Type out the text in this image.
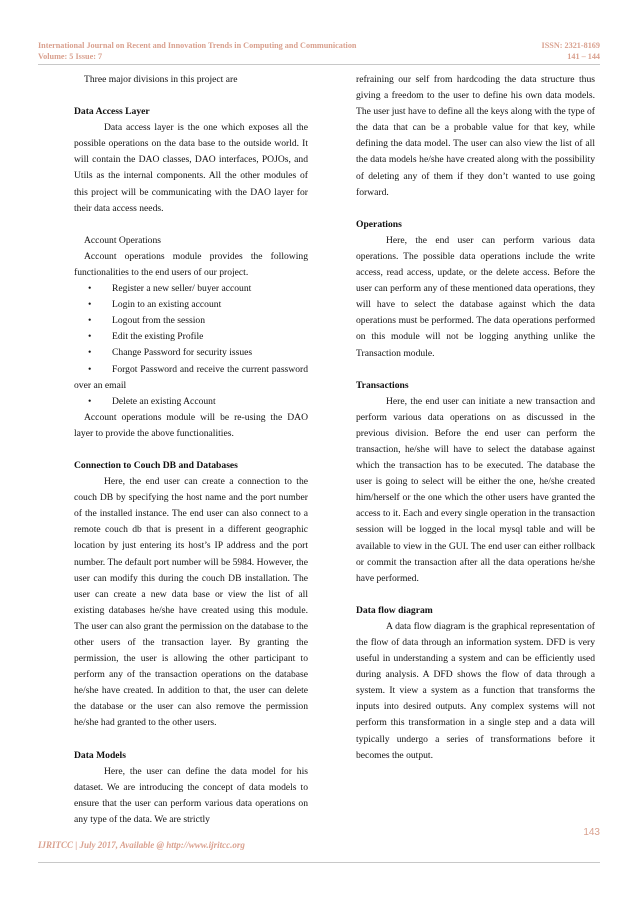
International Journal on Recent and Innovation Trends in Computing and Communication
Volume: 5 Issue: 7
ISSN: 2321-8169
141 – 144

Three major divisions in this project are

Data Access Layer

Data access layer is the one which exposes all the possible operations on the data base to the outside world. It will contain the DAO classes, DAO interfaces, POJOs, and Utils as the internal components. All the other modules of this project will be communicating with the DAO layer for their data access needs.

Account Operations

Account operations module provides the following functionalities to the end users of our project.

• Register a new seller/ buyer account
• Login to an existing account
• Logout from the session
• Edit the existing Profile
• Change Password for security issues
• Forgot Password and receive the current password over an email
• Delete an existing Account

Account operations module will be re-using the DAO layer to provide the above functionalities.

Connection to Couch DB and Databases

Here, the end user can create a connection to the couch DB by specifying the host name and the port number of the installed instance. The end user can also connect to a remote couch db that is present in a different geographic location by just entering its host’s IP address and the port number. The default port number will be 5984. However, the user can modify this during the couch DB installation. The user can create a new data base or view the list of all existing databases he/she have created using this module. The user can also grant the permission on the database to the other users of the transaction layer. By granting the permission, the user is allowing the other participant to perform any of the transaction operations on the database he/she have created. In addition to that, the user can delete the database or the user can also remove the permission he/she had granted to the other users.

Data Models

Here, the user can define the data model for his dataset. We are introducing the concept of data models to ensure that the user can perform various data operations on any type of the data. We are strictly

refraining our self from hardcoding the data structure thus giving a freedom to the user to define his own data models. The user just have to define all the keys along with the type of the data that can be a probable value for that key, while defining the data model. The user can also view the list of all the data models he/she have created along with the possibility of deleting any of them if they don’t wanted to use going forward.

Operations

Here, the end user can perform various data operations. The possible data operations include the write access, read access, update, or the delete access. Before the user can perform any of these mentioned data operations, they will have to select the database against which the data operations must be performed. The data operations performed on this module will not be logging anything unlike the Transaction module.

Transactions

Here, the end user can initiate a new transaction and perform various data operations on as discussed in the previous division. Before the end user can perform the transaction, he/she will have to select the database against which the transaction has to be executed. The database the user is going to select will be either the one, he/she created him/herself or the one which the other users have granted the access to it. Each and every single operation in the transaction session will be logged in the local mysql table and will be available to view in the GUI. The end user can either rollback or commit the transaction after all the data operations he/she have performed.

Data flow diagram

A data flow diagram is the graphical representation of the flow of data through an information system. DFD is very useful in understanding a system and can be efficiently used during analysis. A DFD shows the flow of data through a system. It view a system as a function that transforms the inputs into desired outputs. Any complex systems will not perform this transformation in a single step and a data will typically undergo a series of transformations before it becomes the output.

143
IJRITCC | July 2017, Available @ http://www.ijritcc.org
